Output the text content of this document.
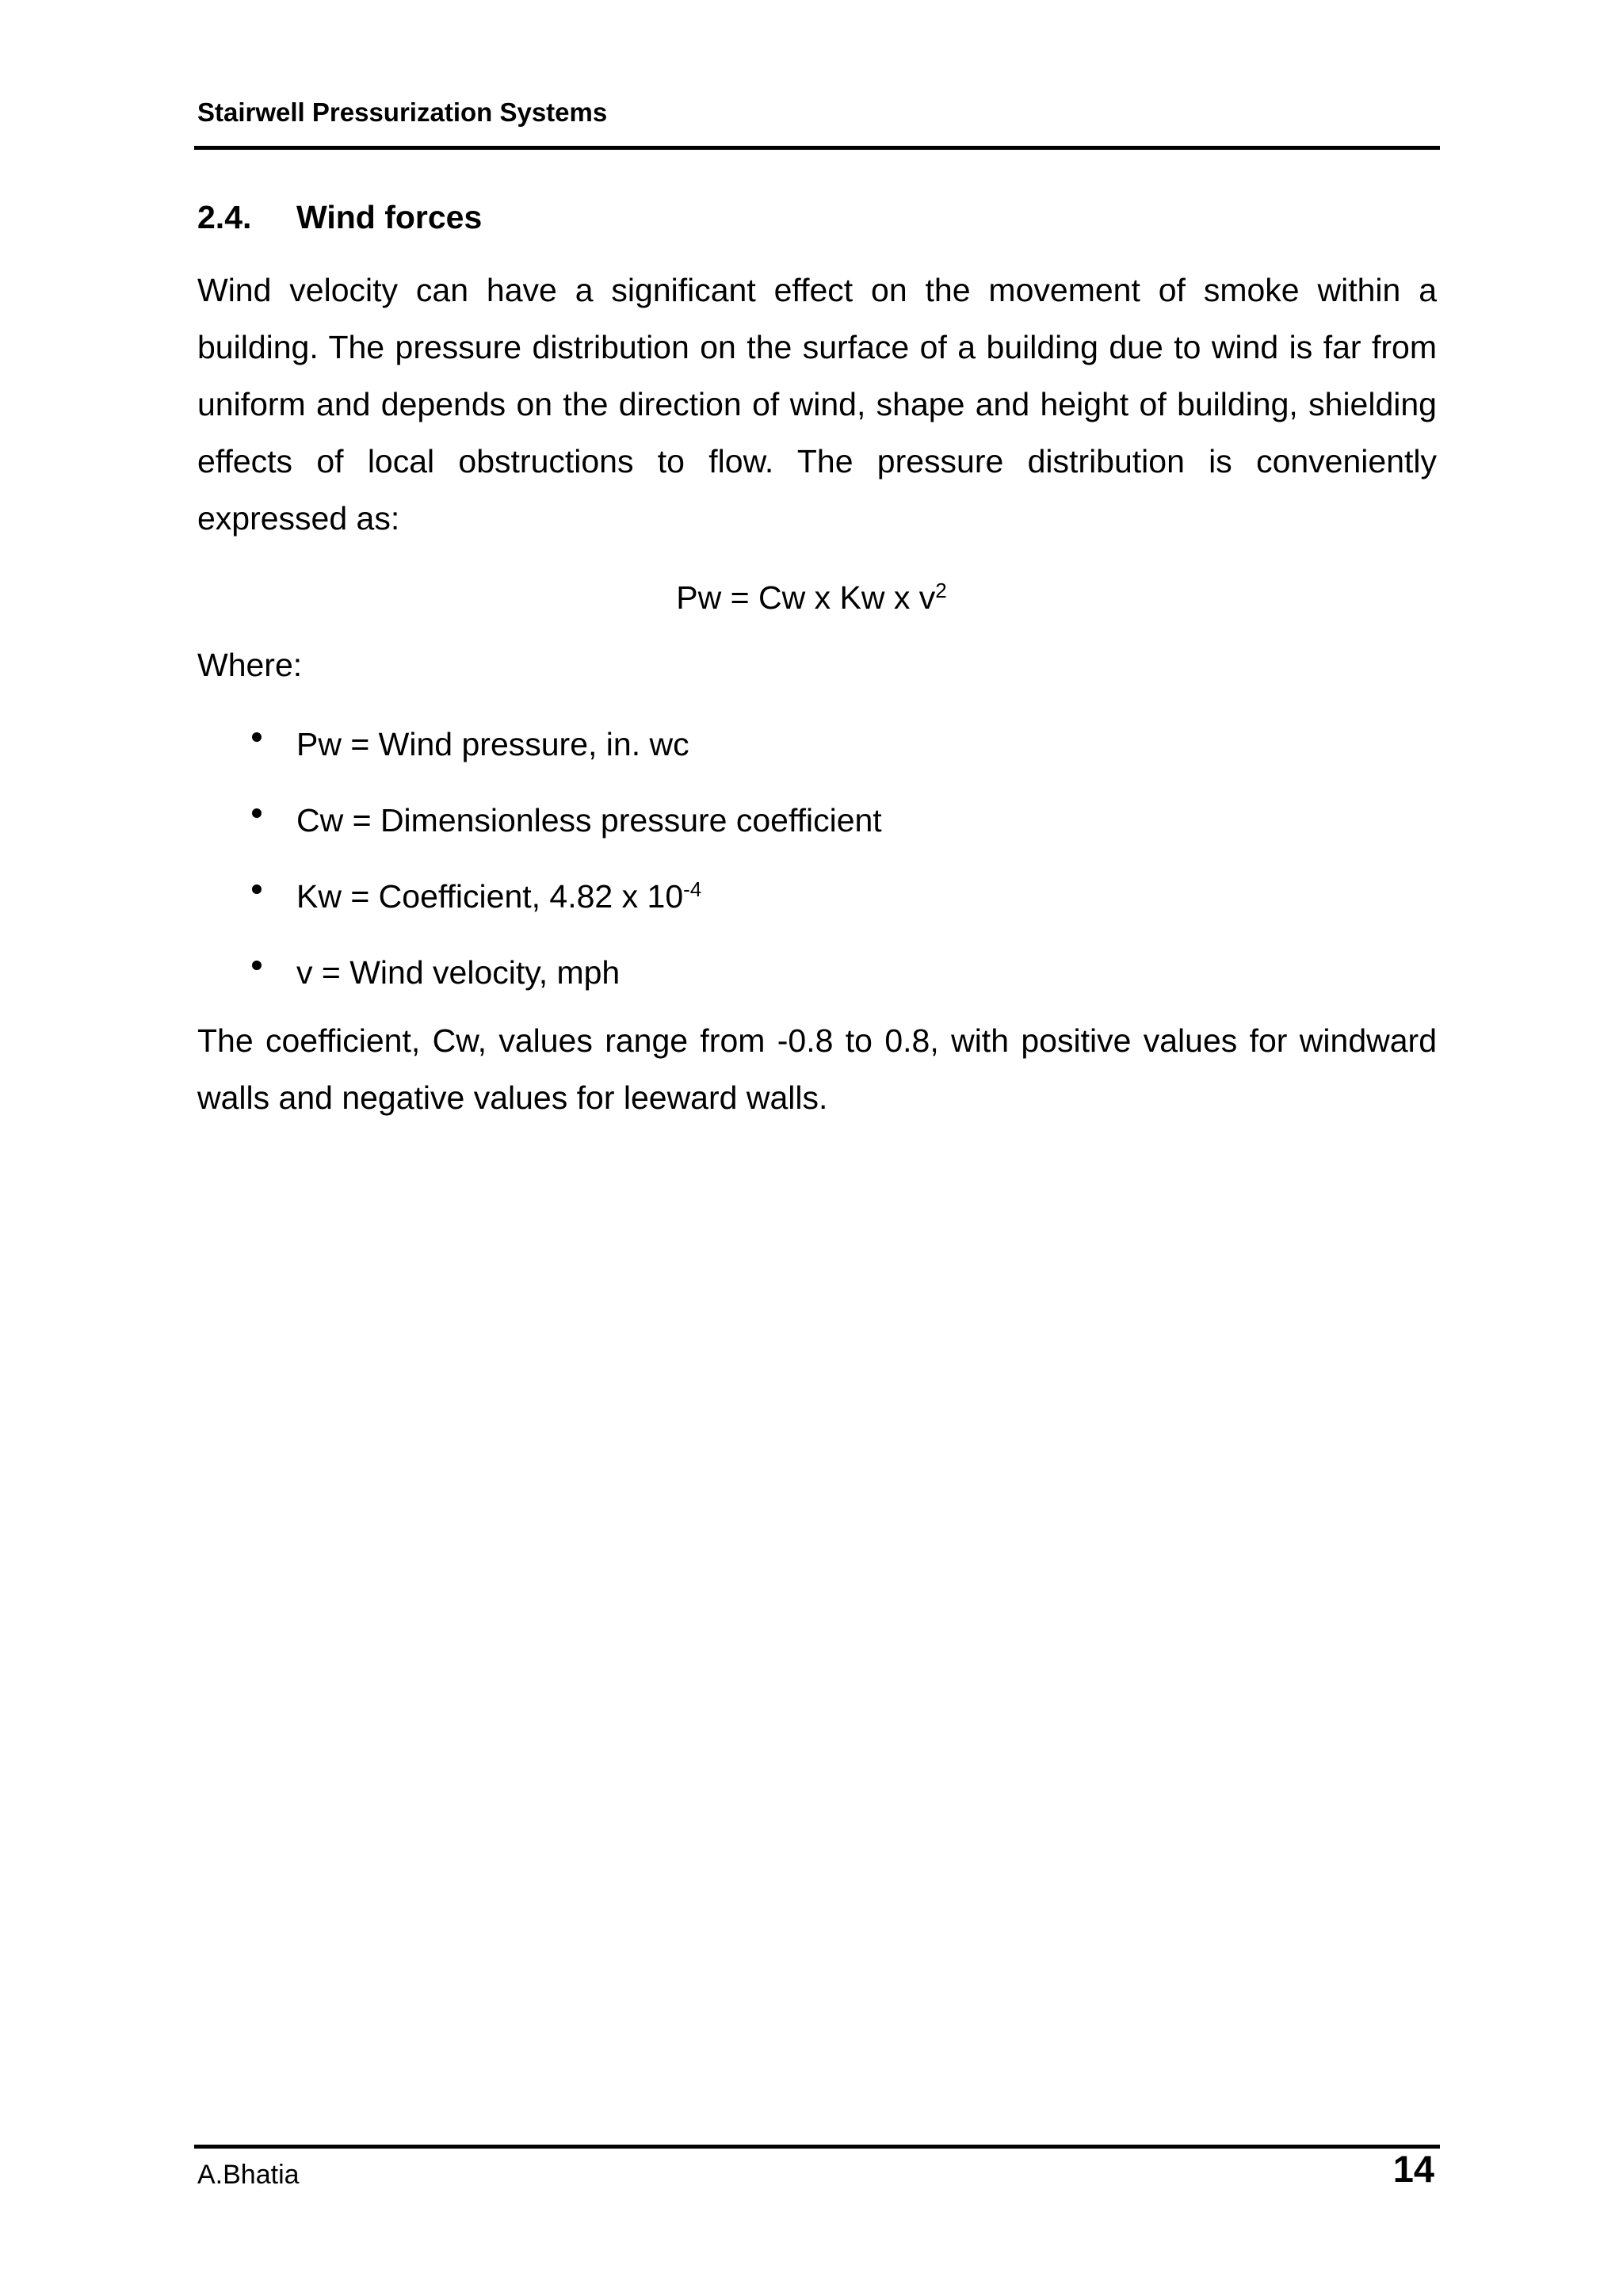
Stairwell Pressurization Systems
2.4. Wind forces

Wind velocity can have a significant effect on the movement of smoke within a building. The pressure distribution on the surface of a building due to wind is far from uniform and depends on the direction of wind, shape and height of building, shielding effects of local obstructions to flow. The pressure distribution is conveniently expressed as:

Pw = Cw x Kw x $v^2$
Where:
Pw = Wind pressure, in. wc
Cw = Dimensionless pressure coefficient
Kw = Coefficient, 4.82 x $10^{-4}$
v = Wind velocity, mph

The coefficient, Cw, values range from -0.8 to 0.8, with positive values for windward walls and negative values for leeward walls.

A.Bhatia	14
